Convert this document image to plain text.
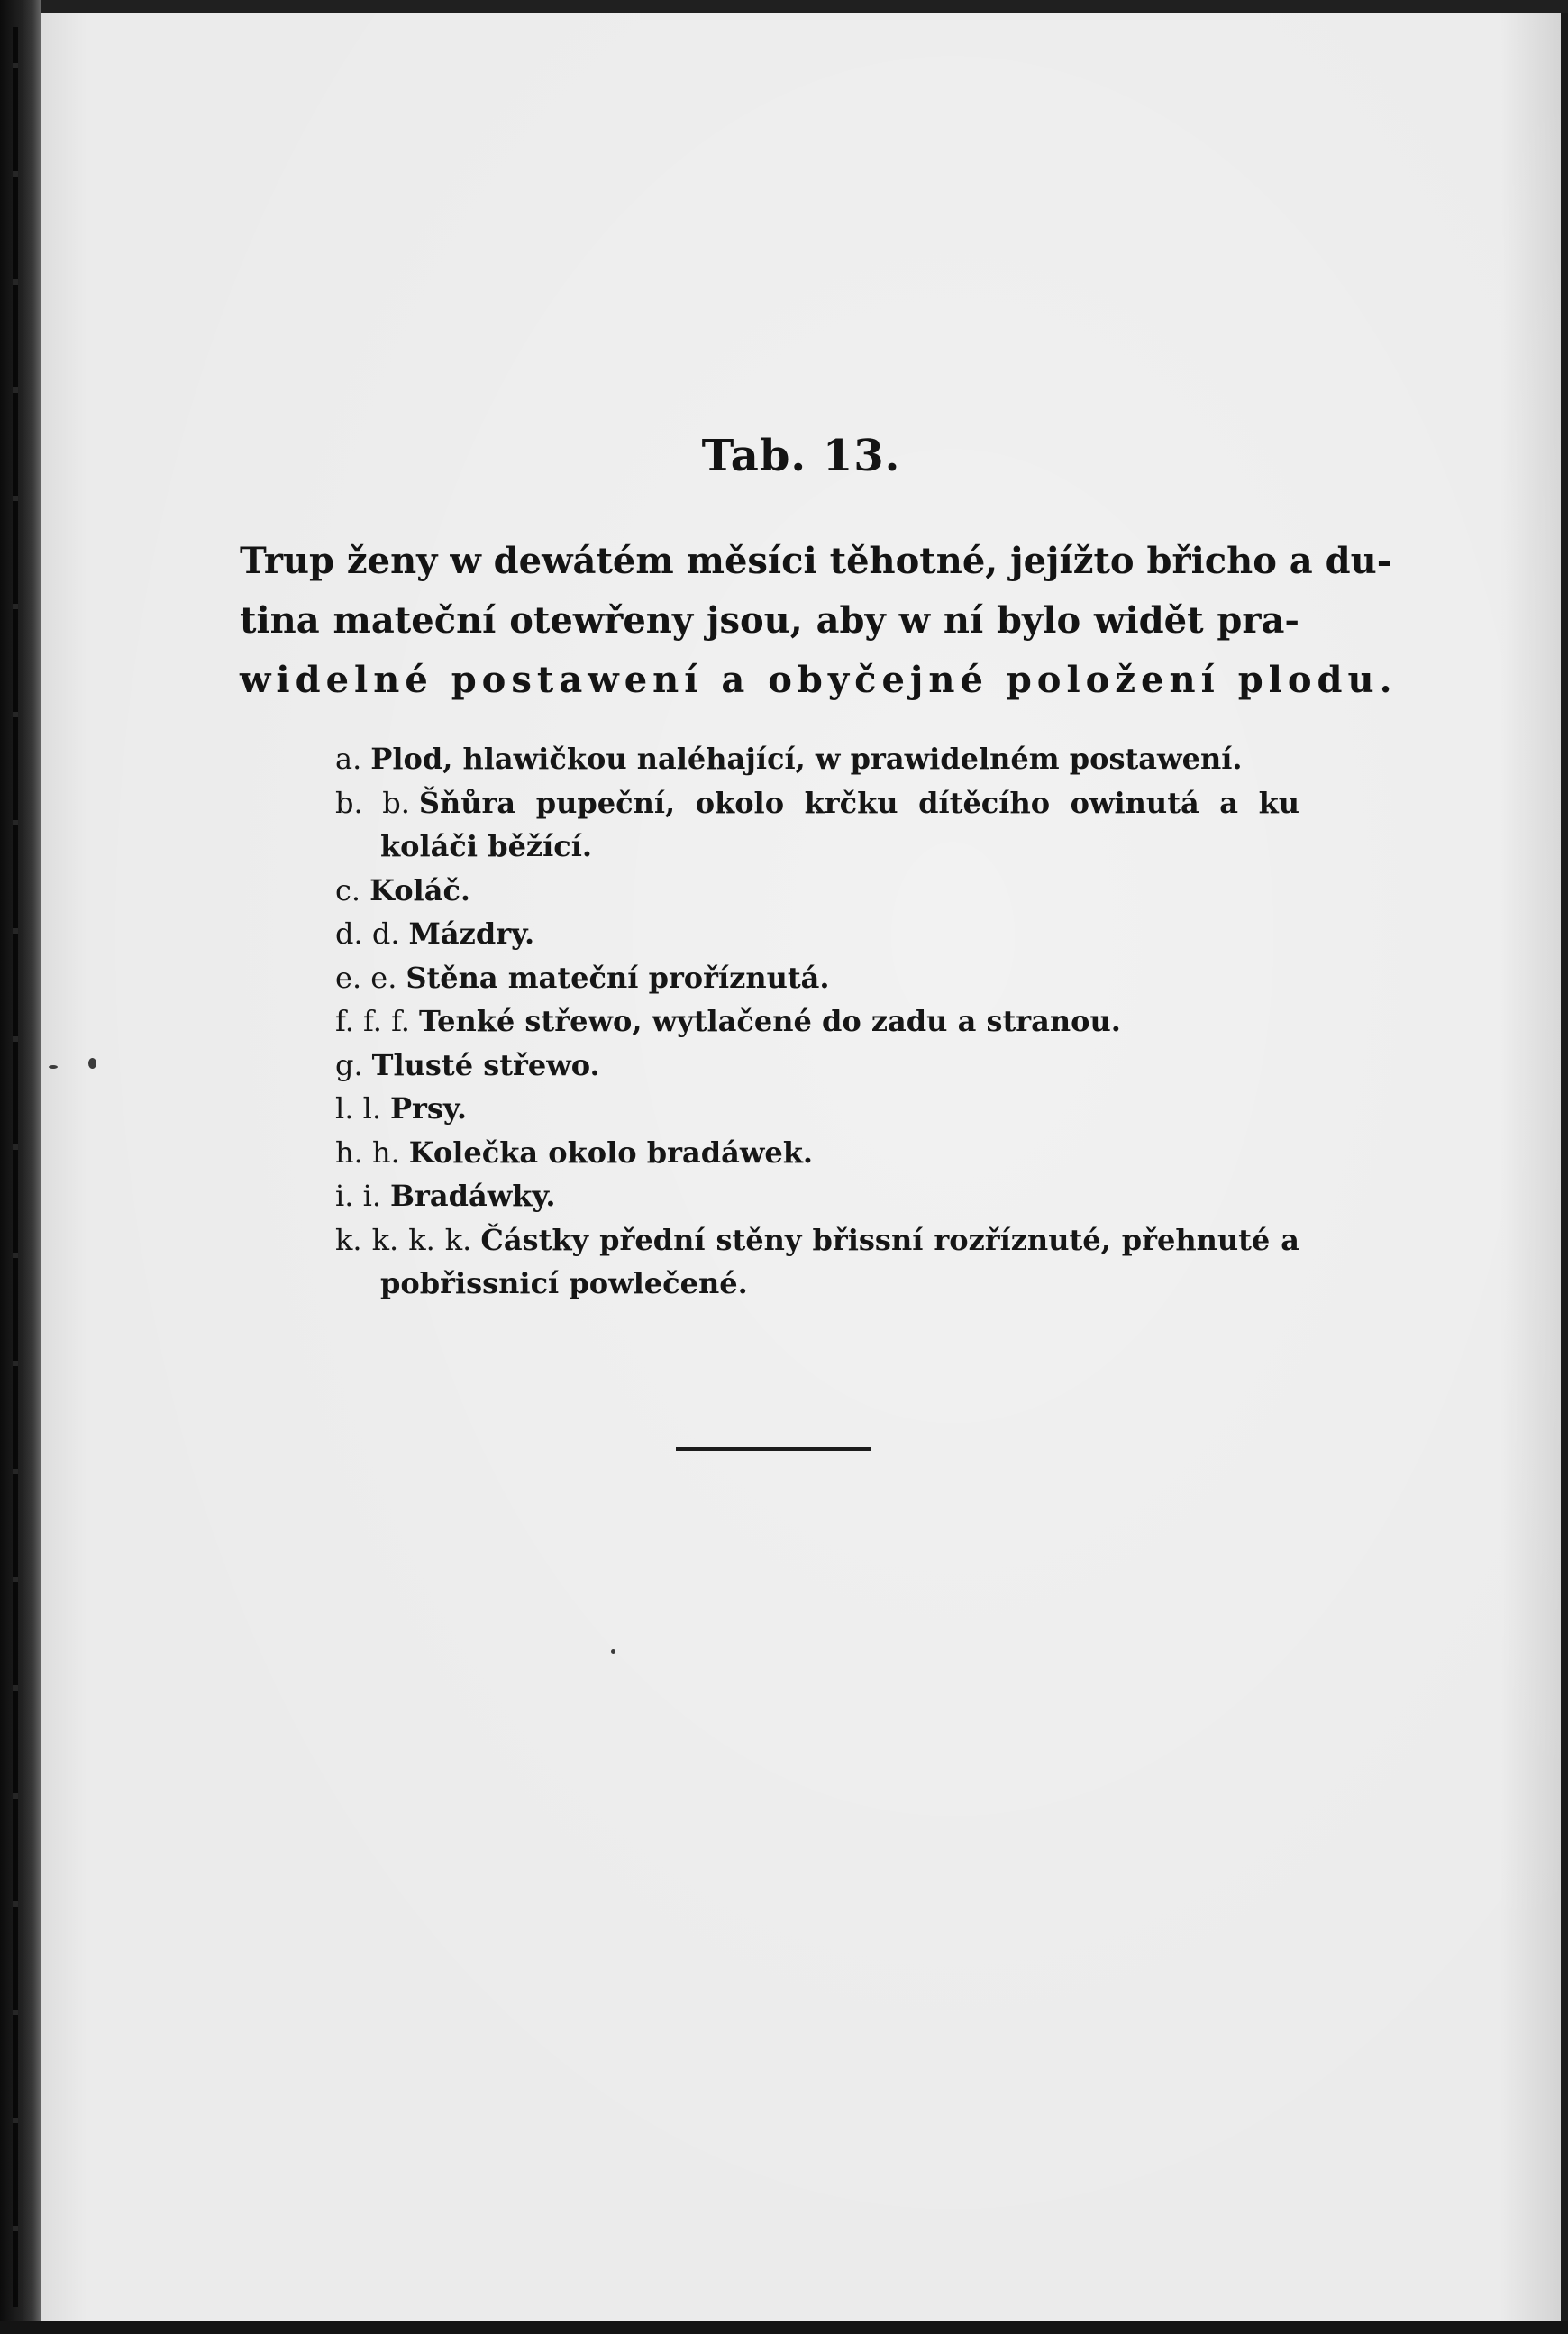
Tab. 13.

Trup ženy w dewátém měsíci těhotné, jejížto břicho a du-
tina mateční otewřeny jsou, aby w ní bylo widět pra-
widelné postawení a obyčejné položení plodu.

a. Plod, hlawičkou naléhající, w prawidelném postawení.
b. b. Šňůra pupeční, okolo krčku dítěcího owinutá a ku koláči běžící.
c. Koláč.
d. d. Mázdry.
e. e. Stěna mateční proříznutá.
f. f. f. Tenké střewo, wytlačené do zadu a stranou.
g. Tlusté střewo.
l. l. Prsy.
h. h. Kolečka okolo bradáwek.
i. i. Bradáwky.
k. k. k. k. Částky přední stěny břissní rozříznuté, přehnuté a pobřissnicí powlečené.
